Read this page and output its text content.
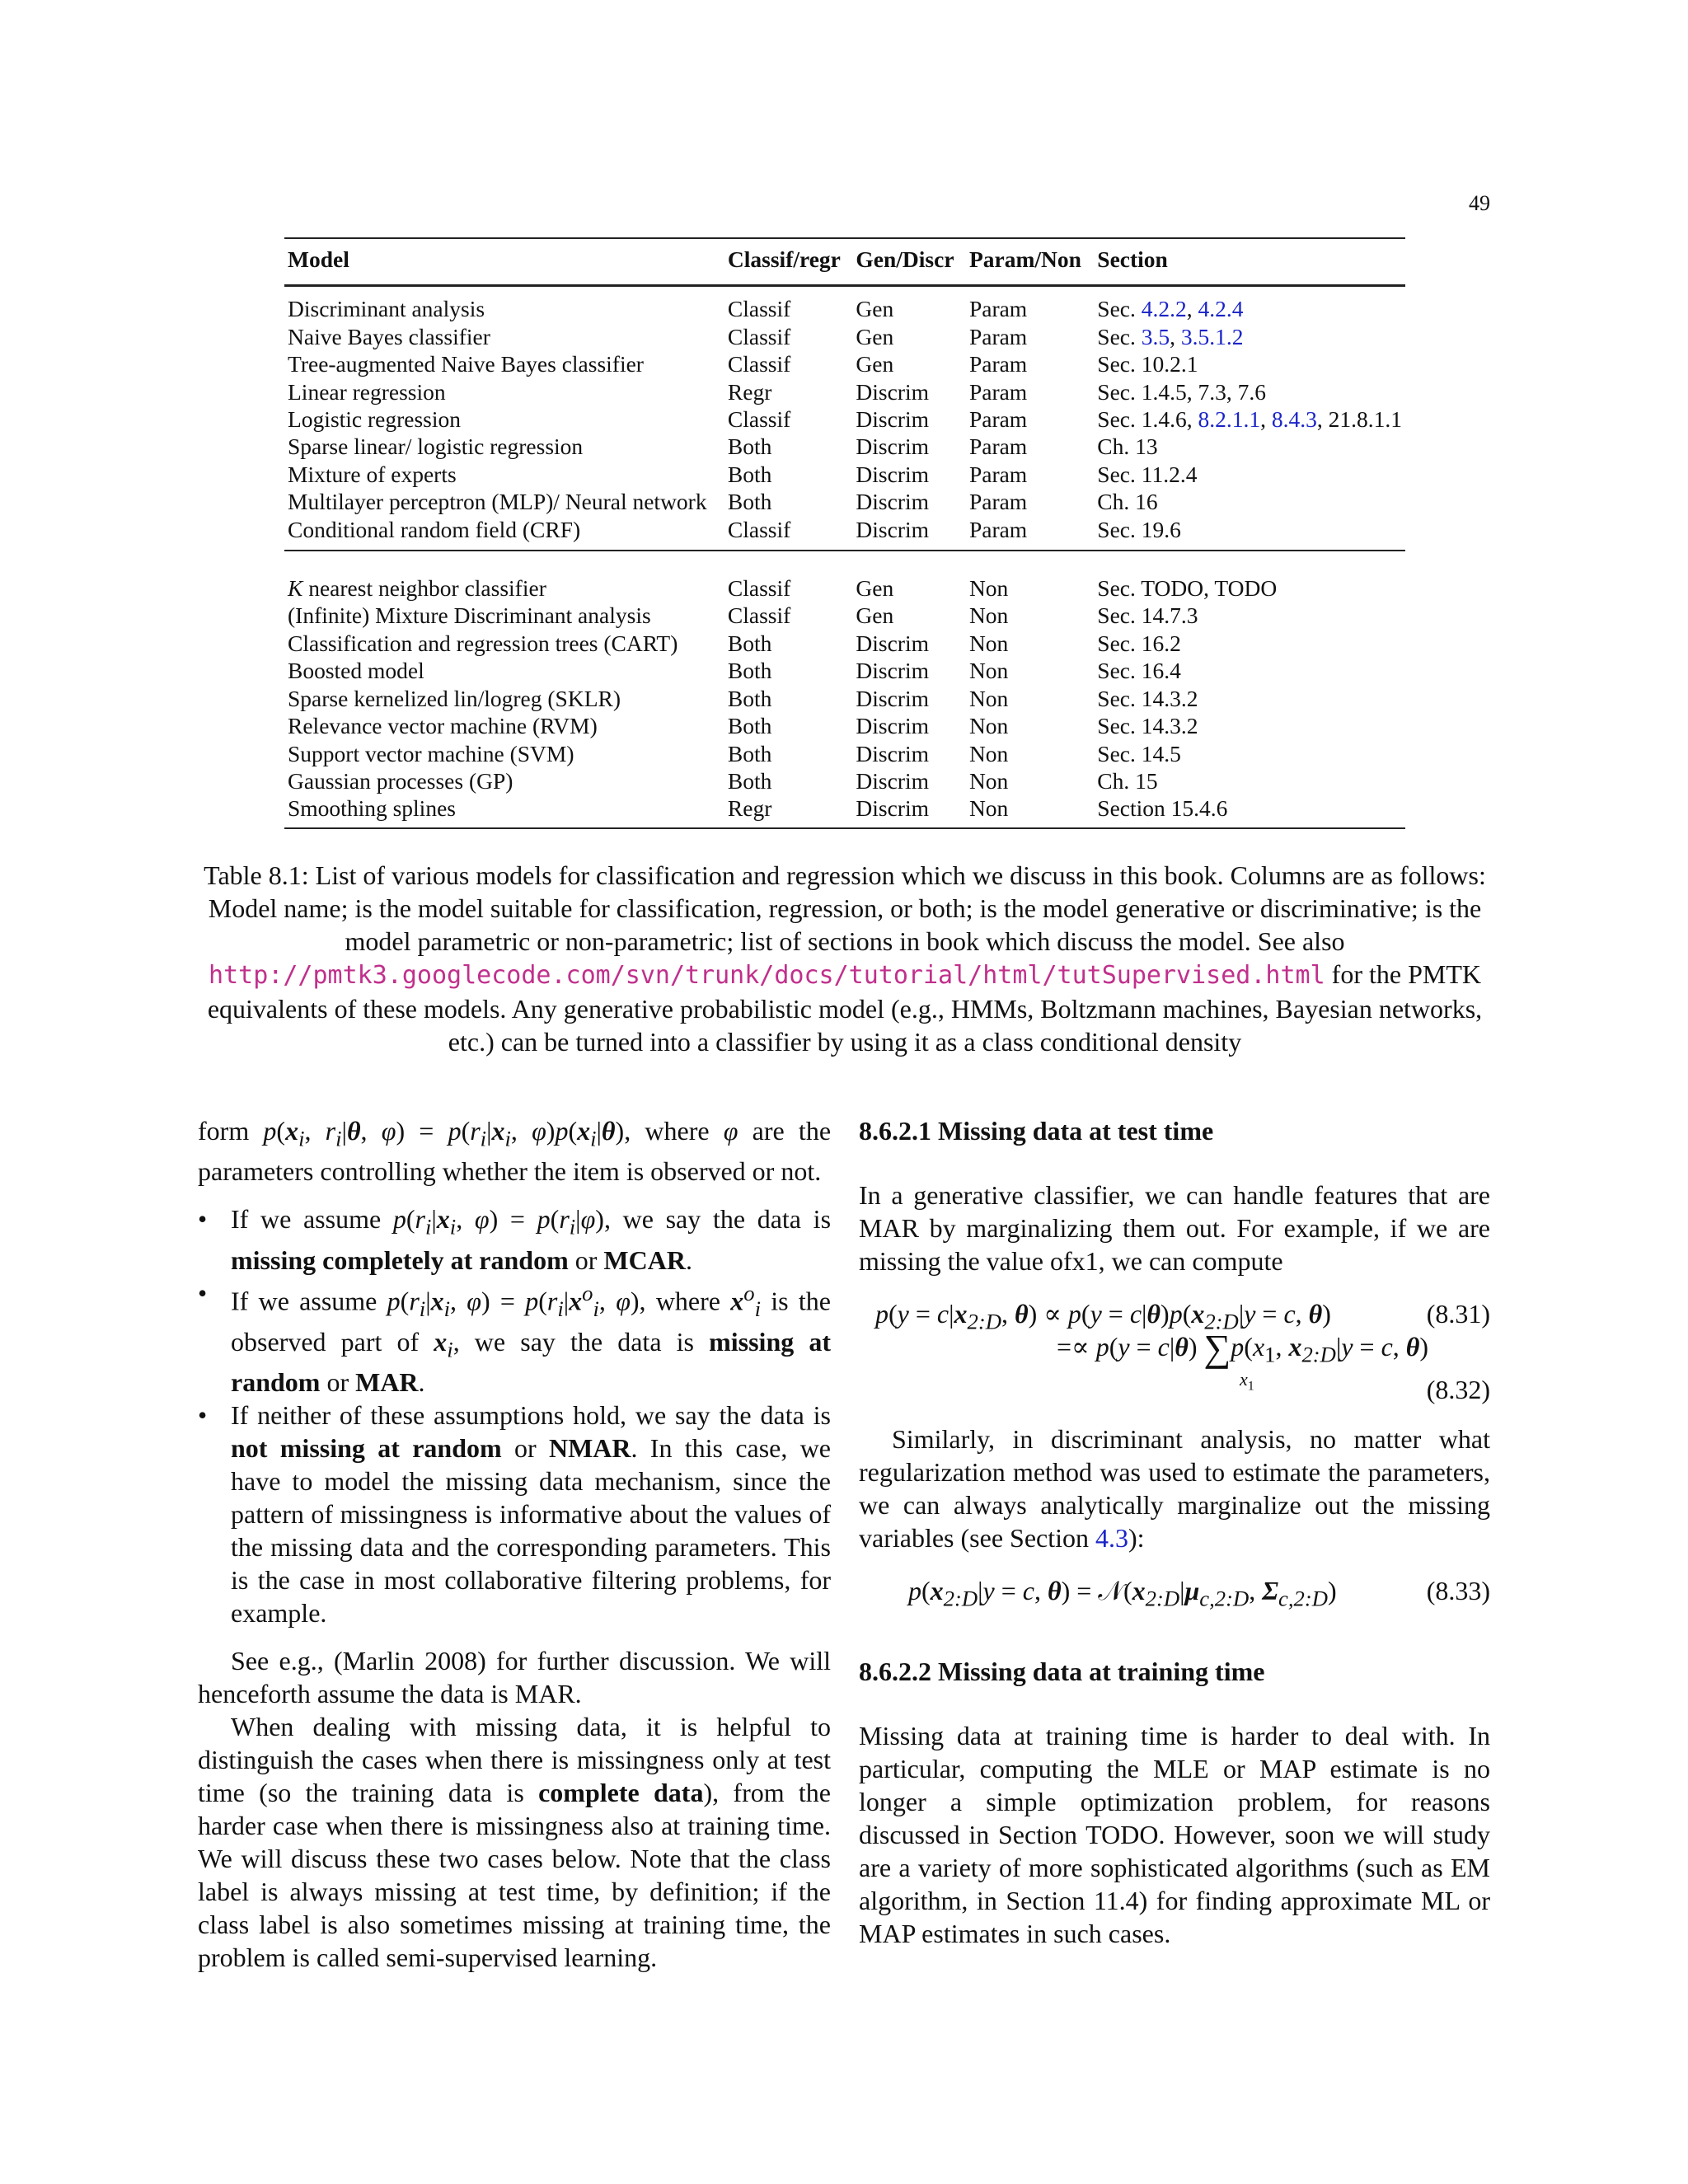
49
Model	Classif/regr	Gen/Discr	Param/Non	Section
Discriminant analysis	Classif	Gen	Param	Sec. 4.2.2, 4.2.4
Naive Bayes classifier	Classif	Gen	Param	Sec. 3.5, 3.5.1.2
Tree-augmented Naive Bayes classifier	Classif	Gen	Param	Sec. 10.2.1
Linear regression	Regr	Discrim	Param	Sec. 1.4.5, 7.3, 7.6
Logistic regression	Classif	Discrim	Param	Sec. 1.4.6, 8.2.1.1, 8.4.3, 21.8.1.1
Sparse linear/ logistic regression	Both	Discrim	Param	Ch. 13
Mixture of experts	Both	Discrim	Param	Sec. 11.2.4
Multilayer perceptron (MLP)/ Neural network	Both	Discrim	Param	Ch. 16
Conditional random field (CRF)	Classif	Discrim	Param	Sec. 19.6
K nearest neighbor classifier	Classif	Gen	Non	Sec. TODO, TODO
(Infinite) Mixture Discriminant analysis	Classif	Gen	Non	Sec. 14.7.3
Classification and regression trees (CART)	Both	Discrim	Non	Sec. 16.2
Boosted model	Both	Discrim	Non	Sec. 16.4
Sparse kernelized lin/logreg (SKLR)	Both	Discrim	Non	Sec. 14.3.2
Relevance vector machine (RVM)	Both	Discrim	Non	Sec. 14.3.2
Support vector machine (SVM)	Both	Discrim	Non	Sec. 14.5
Gaussian processes (GP)	Both	Discrim	Non	Ch. 15
Smoothing splines	Regr	Discrim	Non	Section 15.4.6
Table 8.1: List of various models for classification and regression which we discuss in this book. Columns are as follows: Model name; is the model suitable for classification, regression, or both; is the model generative or discriminative; is the model parametric or non-parametric; list of sections in book which discuss the model. See also http://pmtk3.googlecode.com/svn/trunk/docs/tutorial/html/tutSupervised.html for the PMTK equivalents of these models. Any generative probabilistic model (e.g., HMMs, Boltzmann machines, Bayesian networks, etc.) can be turned into a classifier by using it as a class conditional density

form $p(x_i$, $r_i|\theta$, $\varphi) = p(r_i|x_i$, $\varphi)p(x_i|\theta)$, where φ are the parameters controlling whether the item is observed or not.

• If we assume $p(r_i|x_i$, $\varphi) = p(r_i|\varphi)$, we say the data is missing completely at random or MCAR.
• If we assume $p(r_i|x_i$, $\varphi) = p(r_i|x^o_i$, φ), where $x^o_i$ is the observed part of $x_i$, we say the data is missing at random or MAR.
• If neither of these assumptions hold, we say the data is not missing at random or NMAR. In this case, we have to model the missing data mechanism, since the pattern of missingness is informative about the values of the missing data and the corresponding parameters. This is the case in most collaborative filtering problems, for example.

See e.g., (Marlin 2008) for further discussion. We will henceforth assume the data is MAR.

When dealing with missing data, it is helpful to distinguish the cases when there is missingness only at test time (so the training data is complete data), from the harder case when there is missingness also at training time. We will discuss these two cases below. Note that the class label is always missing at test time, by definition; if the class label is also sometimes missing at training time, the problem is called semi-supervised learning.

8.6.2.1 Missing data at test time

In a generative classifier, we can handle features that are MAR by marginalizing them out. For example, if we are missing the value ofx1, we can compute

$p(y = c|x_{2:D}$, $\theta) \propto p(y = c|\theta)p(x_{2:D}|y = c$, θ)	(8.31)
=∝ p(y = c|θ) $\sum p(x_1$, $x_{2:D}|y = c$, θ)
$x_1$	(8.32)

Similarly, in discriminant analysis, no matter what regularization method was used to estimate the parameters, we can always analytically marginalize out the missing variables (see Section 4.3):

$p(x_{2:D}|y = c$, $\theta) = 𝒩(x_{2:D}|\mu_{c,2:D}$, $\Sigma_{c,2:D}$)	(8.33)
8.6.2.2 Missing data at training time

Missing data at training time is harder to deal with. In particular, computing the MLE or MAP estimate is no longer a simple optimization problem, for reasons discussed in Section TODO. However, soon we will study are a variety of more sophisticated algorithms (such as EM algorithm, in Section 11.4) for finding approximate ML or MAP estimates in such cases.
